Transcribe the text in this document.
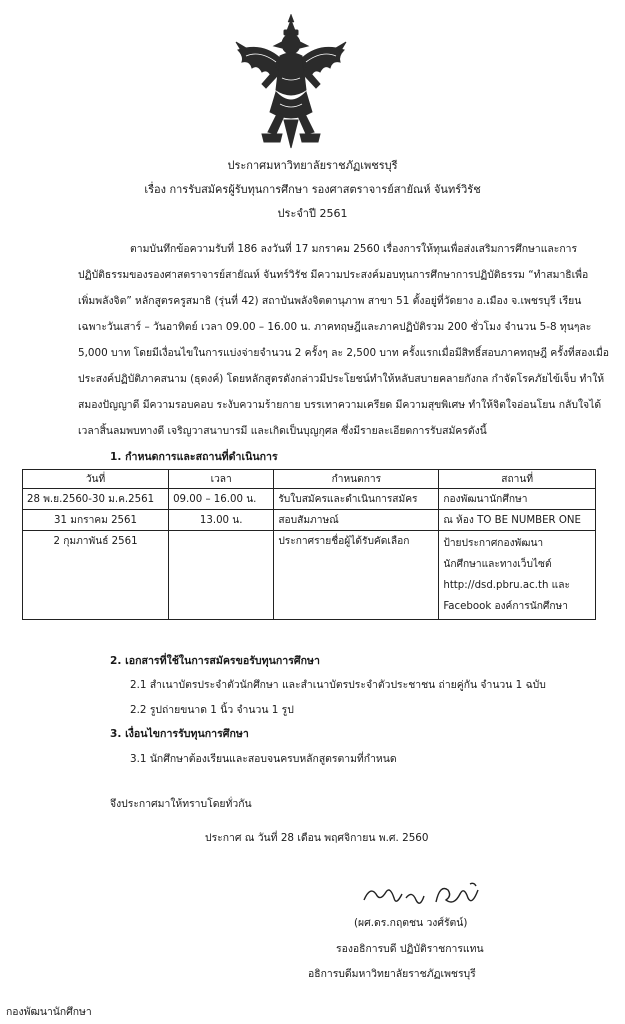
ประกาศมหาวิทยาลัยราชภัฏเพชรบุรี
เรื่อง การรับสมัครผู้รับทุนการศึกษา รองศาสตราจารย์สายัณห์ จันทร์วิรัช
ประจำปี 2561
ตามบันทึกข้อความรับที่ 186 ลงวันที่ 17 มกราคม 2560 เรื่องการให้ทุนเพื่อส่งเสริมการศึกษาและการ
ปฏิบัติธรรมของรองศาสตราจารย์สายัณห์ จันทร์วิรัช มีความประสงค์มอบทุนการศึกษาการปฏิบัติธรรม “ทำสมาธิเพื่อ
เพิ่มพลังจิต” หลักสูตรครูสมาธิ (รุ่นที่ 42) สถาบันพลังจิตตานุภาพ สาขา 51 ตั้งอยู่ที่วัดยาง อ.เมือง จ.เพชรบุรี เรียน
เฉพาะวันเสาร์ – วันอาทิตย์ เวลา 09.00 – 16.00 น. ภาคทฤษฎีและภาคปฏิบัติรวม 200 ชั่วโมง จำนวน 5-8 ทุนๆละ
5,000 บาท โดยมีเงื่อนไขในการแบ่งจ่ายจำนวน 2 ครั้งๆ ละ 2,500 บาท ครั้งแรกเมื่อมีสิทธิ์สอบภาคทฤษฎี ครั้งที่สองเมื่อ
ประสงค์ปฏิบัติภาคสนาม (ธุดงค์) โดยหลักสูตรดังกล่าวมีประโยชน์ทำให้หลับสบายคลายกังกล กำจัดโรคภัยไข้เจ็บ ทำให้
สมองปัญญาดี มีความรอบคอบ ระงับความร้ายกาย บรรเทาความเครียด มีความสุขพิเศษ ทำให้จิตใจอ่อนโยน กลับใจได้
เวลาสิ้นลมพบทางดี เจริญวาสนาบารมี และเกิดเป็นบุญกุศล ซึ่งมีรายละเอียดการรับสมัครดังนี้
1. กำหนดการและสถานที่ดำเนินการ
วันที่	เวลา	กำหนดการ	สถานที่
28 พ.ย.2560-30 ม.ค.2561	09.00 – 16.00 น.	รับใบสมัครและดำเนินการสมัคร	กองพัฒนานักศึกษา
31 มกราคม 2561	13.00 น.	สอบสัมภาษณ์	ณ ห้อง TO BE NUMBER ONE
2 กุมภาพันธ์ 2561		ประกาศรายชื่อผู้ได้รับคัดเลือก	ป้ายประกาศกองพัฒนา
นักศึกษาและทางเว็บไซต์
http://dsd.pbru.ac.th และ
Facebook องค์การนักศึกษา
2. เอกสารที่ใช้ในการสมัครขอรับทุนการศึกษา
2.1 สำเนาบัตรประจำตัวนักศึกษา และสำเนาบัตรประจำตัวประชาชน ถ่ายคู่กัน จำนวน 1 ฉบับ
2.2 รูปถ่ายขนาด 1 นิ้ว จำนวน 1 รูป
3. เงื่อนไขการรับทุนการศึกษา
3.1 นักศึกษาต้องเรียนและสอบจนครบหลักสูตรตามที่กำหนด
จึงประกาศมาให้ทราบโดยทั่วกัน
ประกาศ ณ วันที่ 28 เดือน พฤศจิกายน พ.ศ. 2560
(ผศ.ดร.กฤตชน วงศ์รัตน์)
รองอธิการบดี ปฏิบัติราชการแทน
อธิการบดีมหาวิทยาลัยราชภัฏเพชรบุรี
กองพัฒนานักศึกษา
